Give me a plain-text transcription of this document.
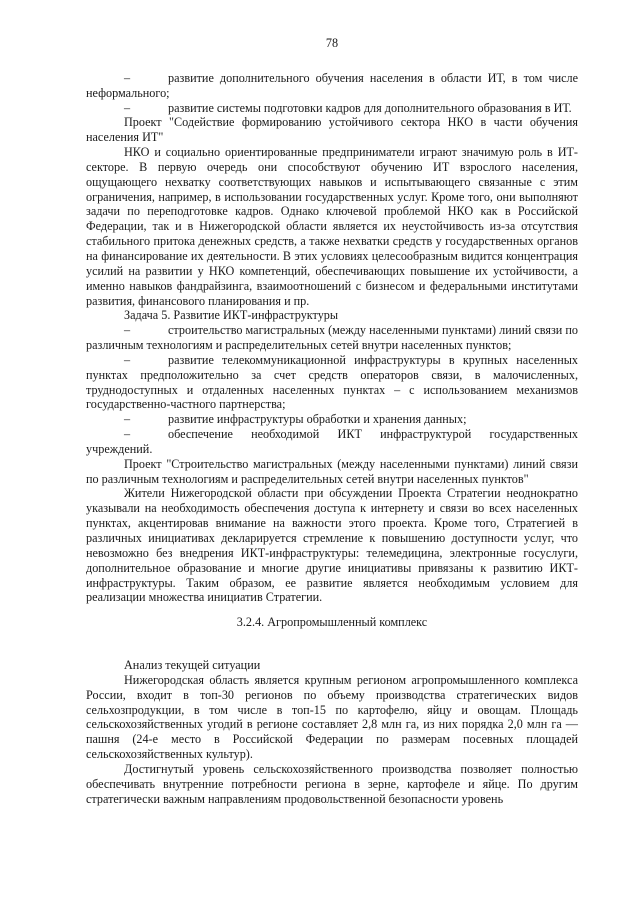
78

–	развитие дополнительного обучения населения в области ИТ, в том числе неформального;

–	развитие системы подготовки кадров для дополнительного образования в ИТ.

Проект "Содействие формированию устойчивого сектора НКО в части обучения населения ИТ"

НКО и социально ориентированные предприниматели играют значимую роль в ИТ-секторе. В первую очередь они способствуют обучению ИТ взрослого населения, ощущающего нехватку соответствующих навыков и испытывающего связанные с этим ограничения, например, в использовании государственных услуг. Кроме того, они выполняют задачи по переподготовке кадров. Однако ключевой проблемой НКО как в Российской Федерации, так и в Нижегородской области является их неустойчивость из-за отсутствия стабильного притока денежных средств, а также нехватки средств у государственных органов на финансирование их деятельности. В этих условиях целесообразным видится концентрация усилий на развитии у НКО компетенций, обеспечивающих повышение их устойчивости, а именно навыков фандрайзинга, взаимоотношений с бизнесом и федеральными институтами развития, финансового планирования и пр.

Задача 5. Развитие ИКТ-инфраструктуры

–	строительство магистральных (между населенными пунктами) линий связи по различным технологиям и распределительных сетей внутри населенных пунктов;

–	развитие телекоммуникационной инфраструктуры в крупных населенных пунктах предположительно за счет средств операторов связи, в малочисленных, труднодоступных и отдаленных населенных пунктах – с использованием механизмов государственно-частного партнерства;

–	развитие инфраструктуры обработки и хранения данных;

–	обеспечение необходимой ИКТ инфраструктурой государственных учреждений.

Проект "Строительство магистральных (между населенными пунктами) линий связи по различным технологиям и распределительных сетей внутри населенных пунктов"

Жители Нижегородской области при обсуждении Проекта Стратегии неоднократно указывали на необходимость обеспечения доступа к интернету и связи во всех населенных пунктах, акцентировав внимание на важности этого проекта. Кроме того, Стратегией в различных инициативах декларируется стремление к повышению доступности услуг, что невозможно без внедрения ИКТ-инфраструктуры: телемедицина, электронные госуслуги, дополнительное образование и многие другие инициативы привязаны к развитию ИКТ-инфраструктуры. Таким образом, ее развитие является необходимым условием для реализации множества инициатив Стратегии.

3.2.4. Агропромышленный комплекс

Анализ текущей ситуации

Нижегородская область является крупным регионом агропромышленного комплекса России, входит в топ-30 регионов по объему производства стратегических видов сельхозпродукции, в том числе в топ-15 по картофелю, яйцу и овощам. Площадь сельскохозяйственных угодий в регионе составляет 2,8 млн га, из них порядка 2,0 млн га — пашня (24-е место в Российской Федерации по размерам посевных площадей сельскохозяйственных культур).

Достигнутый уровень сельскохозяйственного производства позволяет полностью обеспечивать внутренние потребности региона в зерне, картофеле и яйце. По другим стратегически важным направлениям продовольственной безопасности уровень
